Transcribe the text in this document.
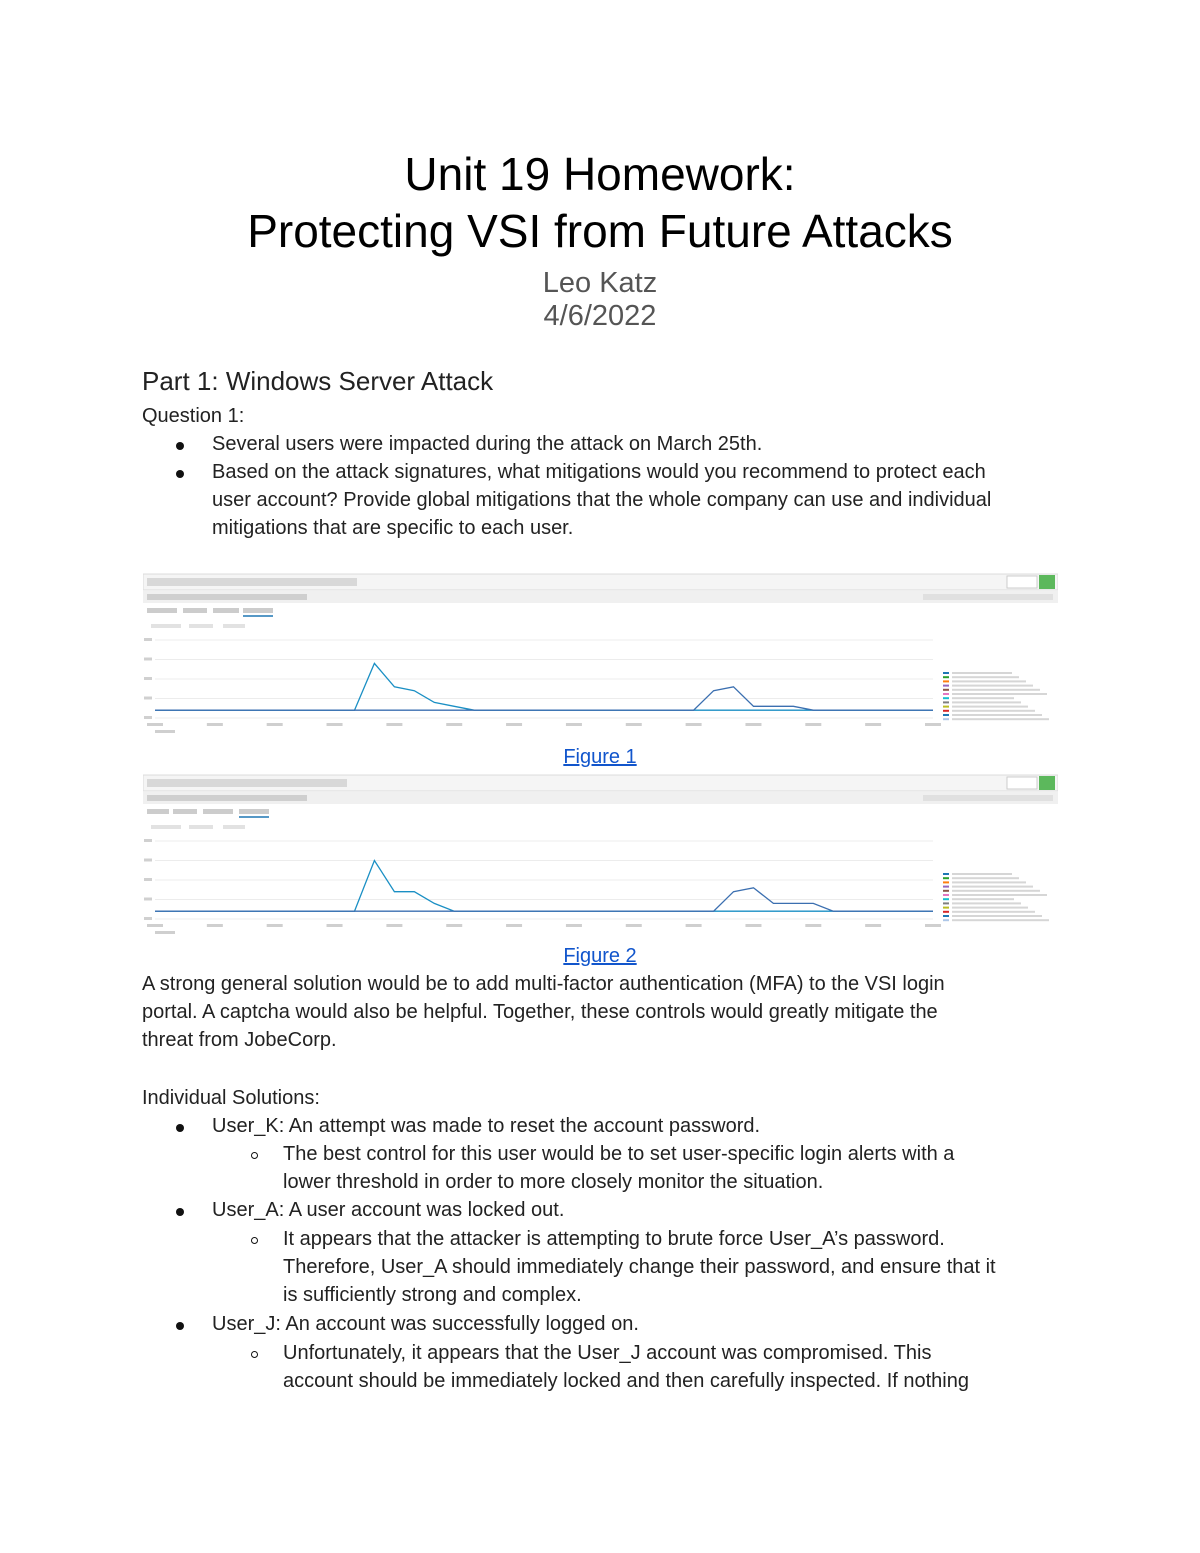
Unit 19 Homework:
Protecting VSI from Future Attacks
Leo Katz
4/6/2022
Part 1: Windows Server Attack
Question 1:
Several users were impacted during the attack on March 25th.
Based on the attack signatures, what mitigations would you recommend to protect each
user account? Provide global mitigations that the whole company can use and individual
mitigations that are specific to each user.
Figure 1
Figure 2
A strong general solution would be to add multi-factor authentication (MFA) to the VSI login
portal. A captcha would also be helpful. Together, these controls would greatly mitigate the
threat from JobeCorp.
Individual Solutions:
User_K: An attempt was made to reset the account password.
The best control for this user would be to set user-specific login alerts with a
lower threshold in order to more closely monitor the situation.
User_A: A user account was locked out.
It appears that the attacker is attempting to brute force User_A’s password.
Therefore, User_A should immediately change their password, and ensure that it
is sufficiently strong and complex.
User_J: An account was successfully logged on.
Unfortunately, it appears that the User_J account was compromised. This
account should be immediately locked and then carefully inspected. If nothing
